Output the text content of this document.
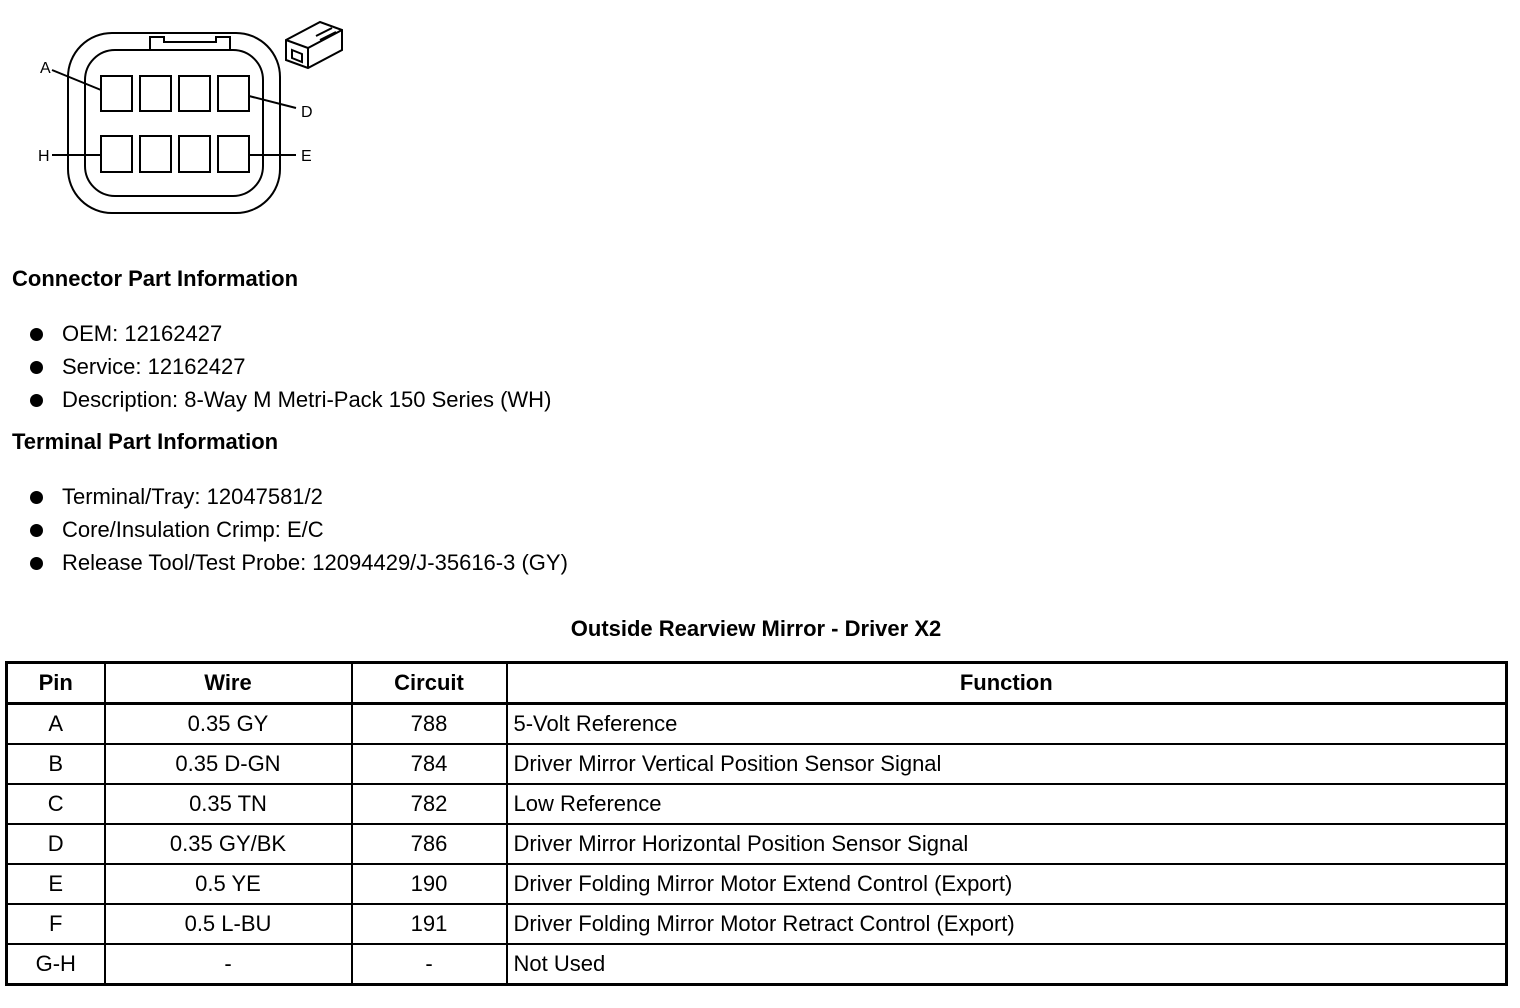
A
D
H	E
Connector Part Information
OEM: 12162427
Service: 12162427
Description: 8-Way M Metri-Pack 150 Series (WH)
Terminal Part Information
Terminal/Tray: 12047581/2
Core/Insulation Crimp: E/C
Release Tool/Test Probe: 12094429/J-35616-3 (GY)
Outside Rearview Mirror - Driver X2
Pin	Wire	Circuit	Function
A	0.35 GY	788	5-Volt Reference
B	0.35 D-GN	784	Driver Mirror Vertical Position Sensor Signal
C	0.35 TN	782	Low Reference
D	0.35 GY/BK	786	Driver Mirror Horizontal Position Sensor Signal
E	0.5 YE	190	Driver Folding Mirror Motor Extend Control (Export)
F	0.5 L-BU	191	Driver Folding Mirror Motor Retract Control (Export)
G-H	-	-	Not Used
